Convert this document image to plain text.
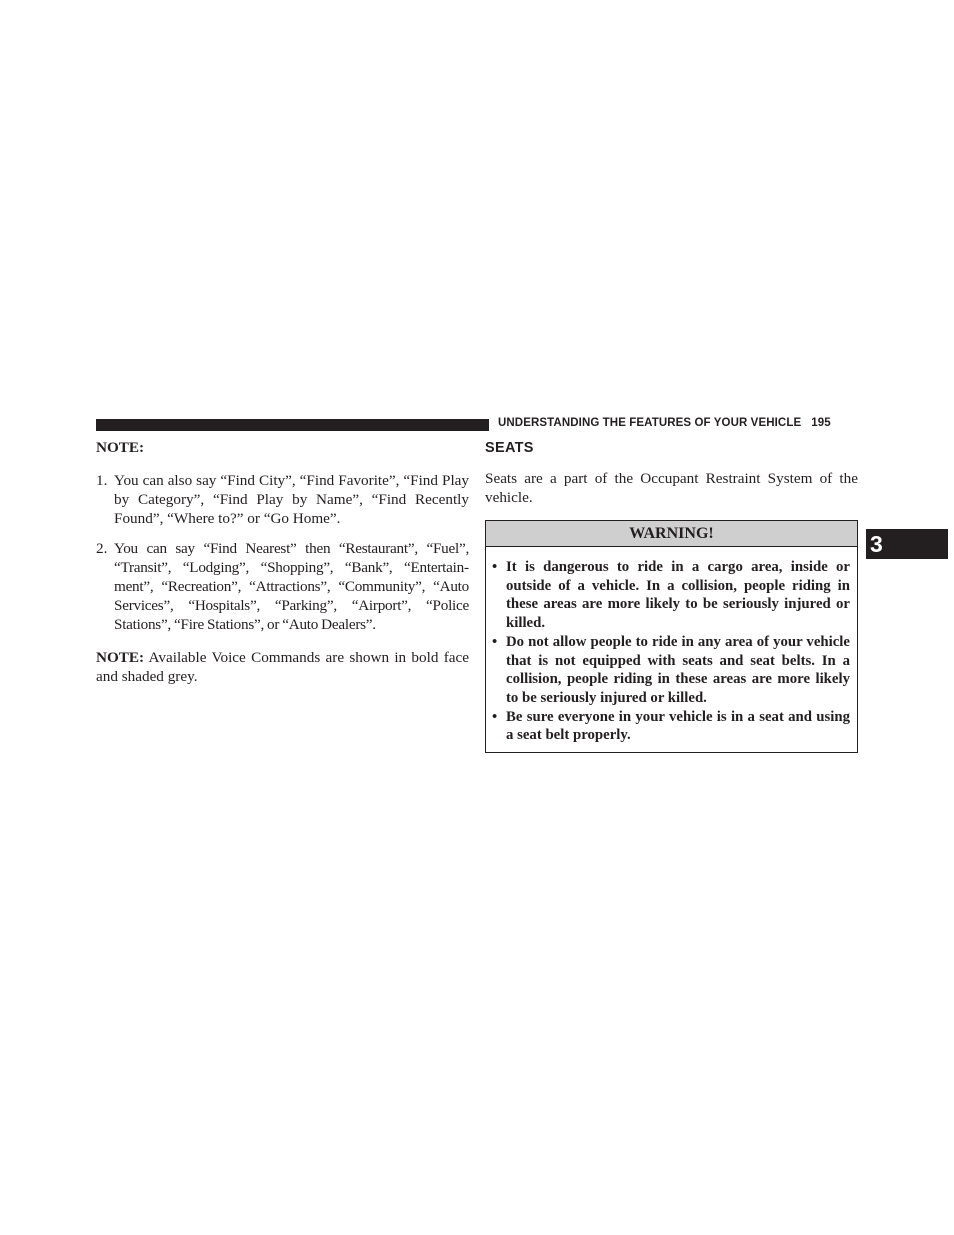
UNDERSTANDING THE FEATURES OF YOUR VEHICLE 195
3

NOTE:

1. You can also say “Find City”, “Find Favorite”, “Find Play by Category”, “Find Play by Name”, “Find Recently Found”, “Where to?” or “Go Home”.
2. You can say “Find Nearest” then “Restaurant”, “Fuel”, “Transit”, “Lodging”, “Shopping”, “Bank”, “Entertainment”, “Recreation”, “Attractions”, “Community”, “Auto Services”, “Hospitals”, “Parking”, “Airport”, “Police Stations”, “Fire Stations”, or “Auto Dealers”.

NOTE: Available Voice Commands are shown in bold face and shaded grey.

SEATS

Seats are a part of the Occupant Restraint System of the vehicle.

WARNING!
• It is dangerous to ride in a cargo area, inside or outside of a vehicle. In a collision, people riding in these areas are more likely to be seriously injured or killed.
• Do not allow people to ride in any area of your vehicle that is not equipped with seats and seat belts. In a collision, people riding in these areas are more likely to be seriously injured or killed.
• Be sure everyone in your vehicle is in a seat and using a seat belt properly.
